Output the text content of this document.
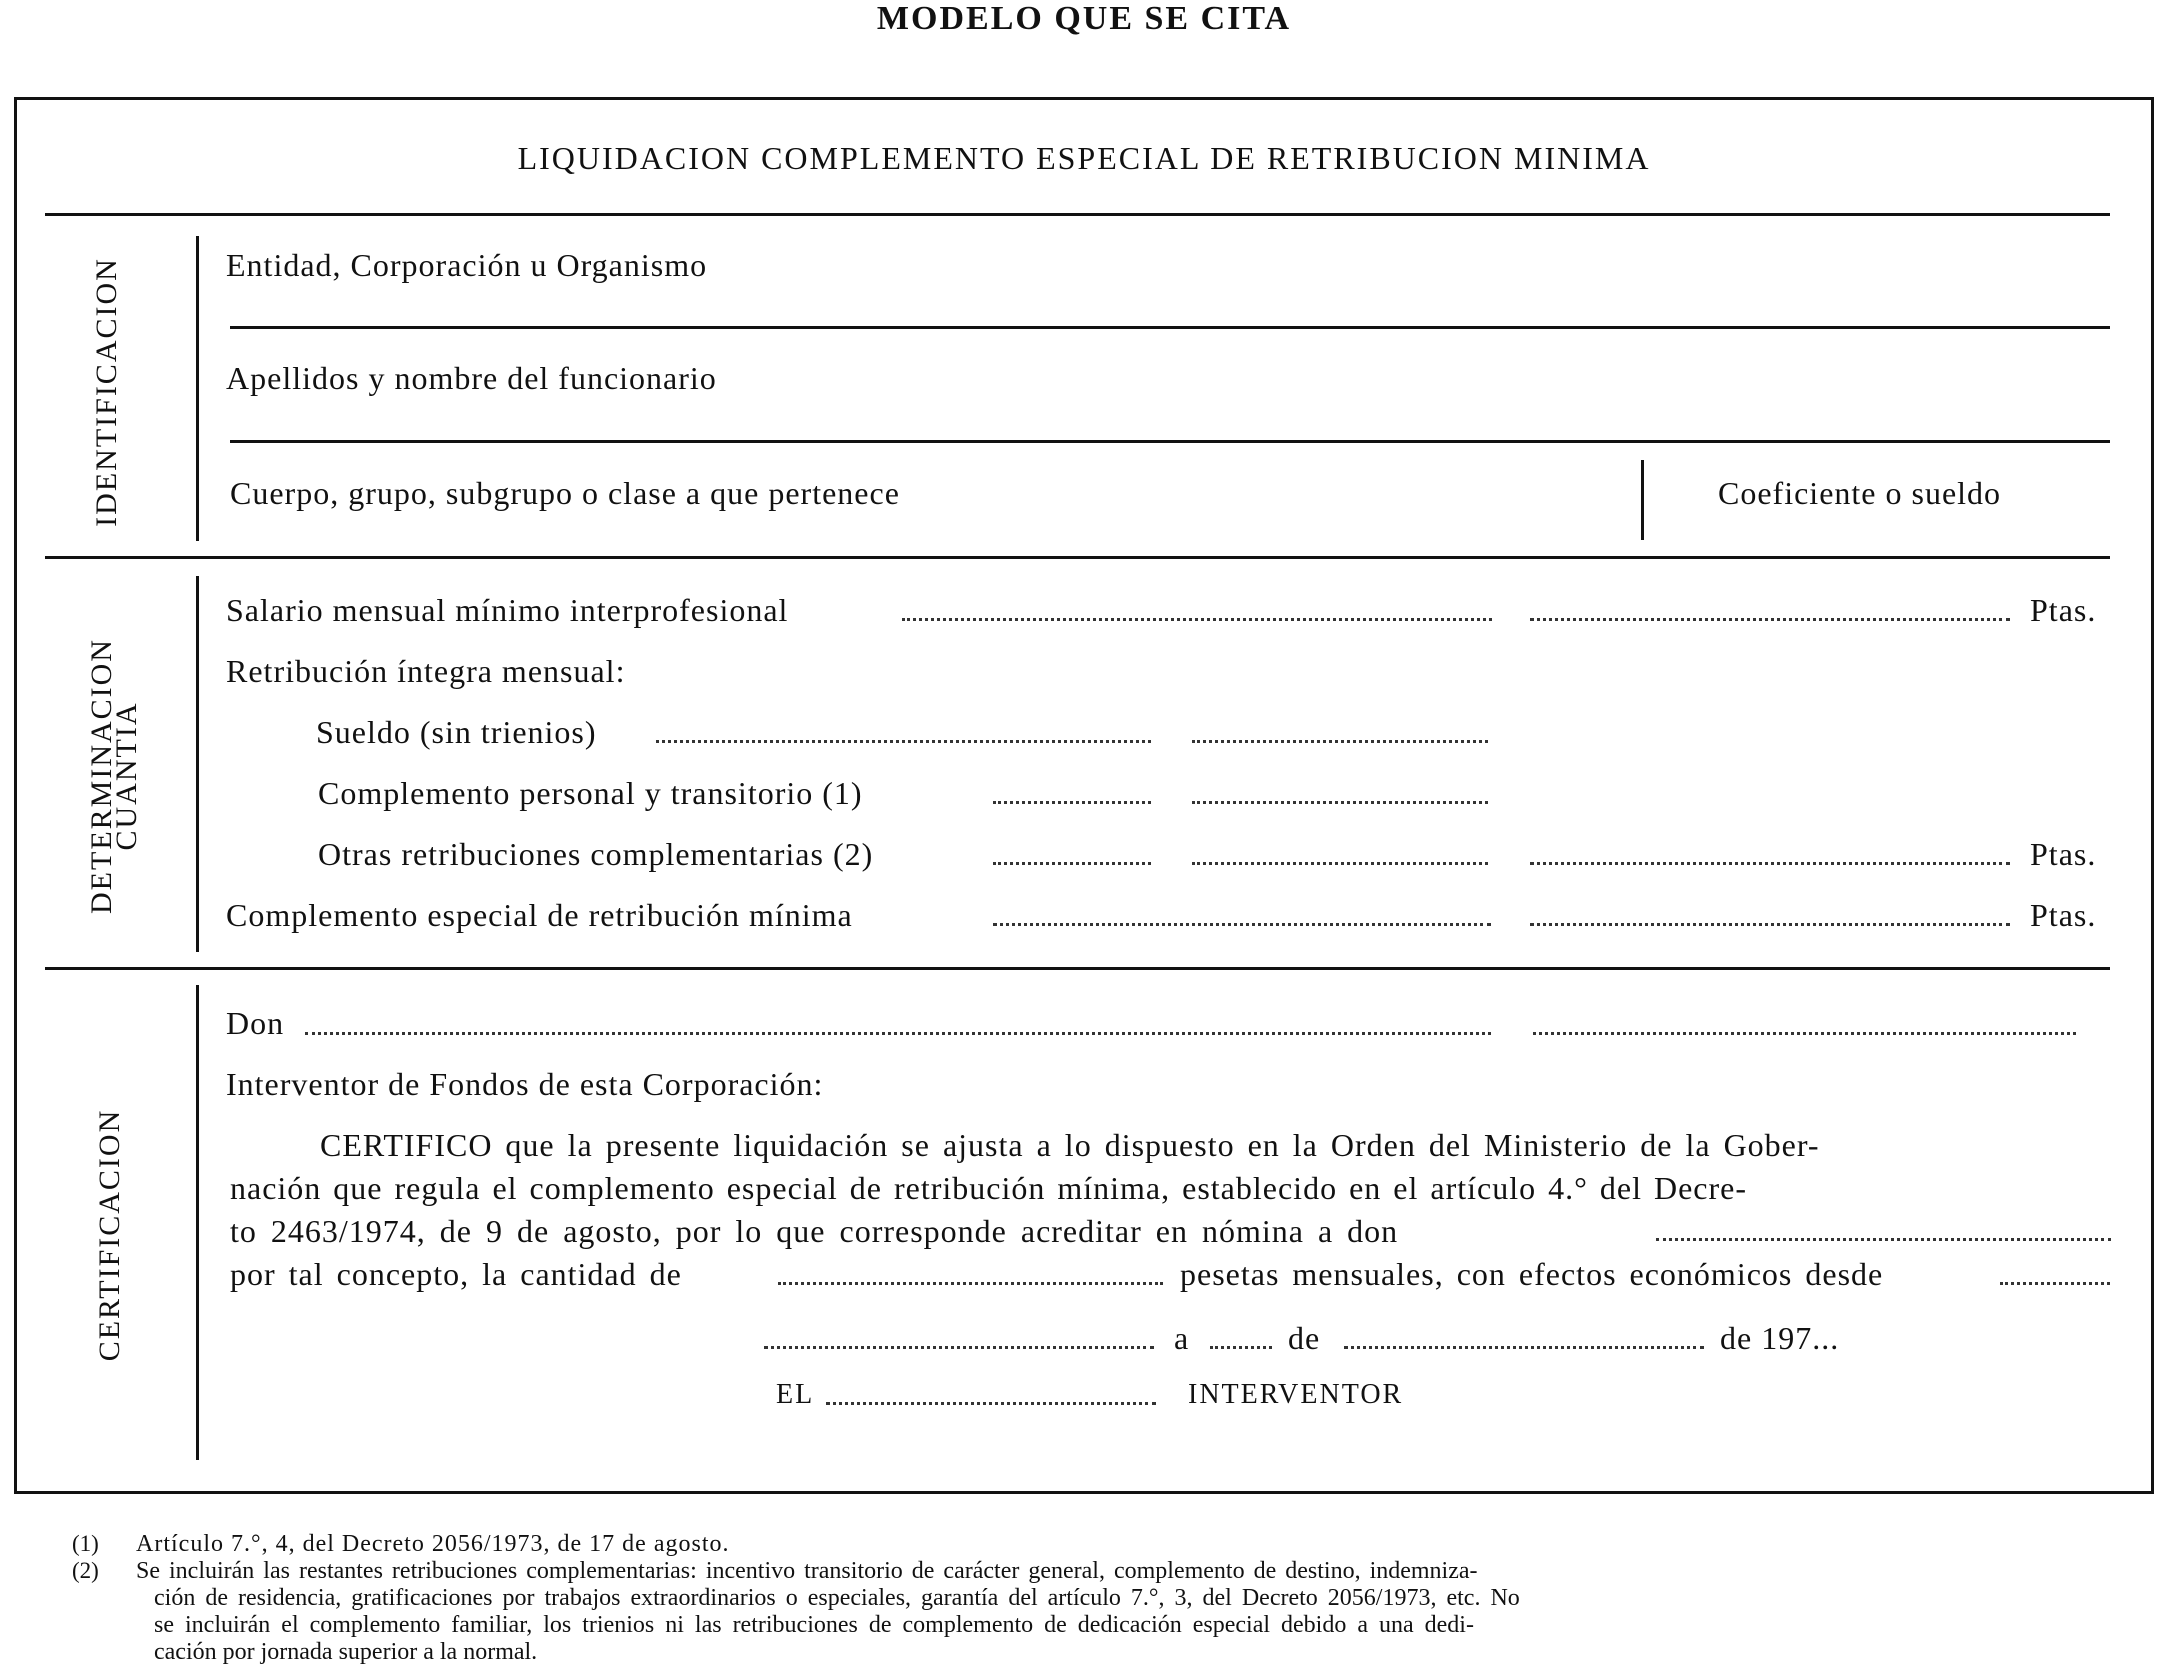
MODELO QUE SE CITA
LIQUIDACION COMPLEMENTO ESPECIAL DE RETRIBUCION MINIMA
IDENTIFICACION
DETERMINACION
CUANTIA
CERTIFICACION
Entidad, Corporación u Organismo
Apellidos y nombre del funcionario
Cuerpo, grupo, subgrupo o clase a que pertenece	Coeficiente o sueldo
Salario mensual mínimo interprofesional	Ptas.
Retribución íntegra mensual:
Sueldo (sin trienios)
Complemento personal y transitorio (1)
Otras retribuciones complementarias (2)	Ptas.
Complemento especial de retribución mínima	Ptas.
Don
Interventor de Fondos de esta Corporación:
CERTIFICO que la presente liquidación se ajusta a lo dispuesto en la Orden del Ministerio de la Gober-
nación que regula el complemento especial de retribución mínima, establecido en el artículo 4.° del Decre-
to 2463/1974, de 9 de agosto, por lo que corresponde acreditar en nómina a don
por tal concepto, la cantidad de	pesetas mensuales, con efectos económicos desde
a	de	de 197...
EL	INTERVENTOR
(1) Artículo 7.°, 4, del Decreto 2056/1973, de 17 de agosto.
(2) Se incluirán las restantes retribuciones complementarias: incentivo transitorio de carácter general, complemento de destino, indemniza-
ción de residencia, gratificaciones por trabajos extraordinarios o especiales, garantía del artículo 7.°, 3, del Decreto 2056/1973, etc. No
se incluirán el complemento familiar, los trienios ni las retribuciones de complemento de dedicación especial debido a una dedi-
cación por jornada superior a la normal.
